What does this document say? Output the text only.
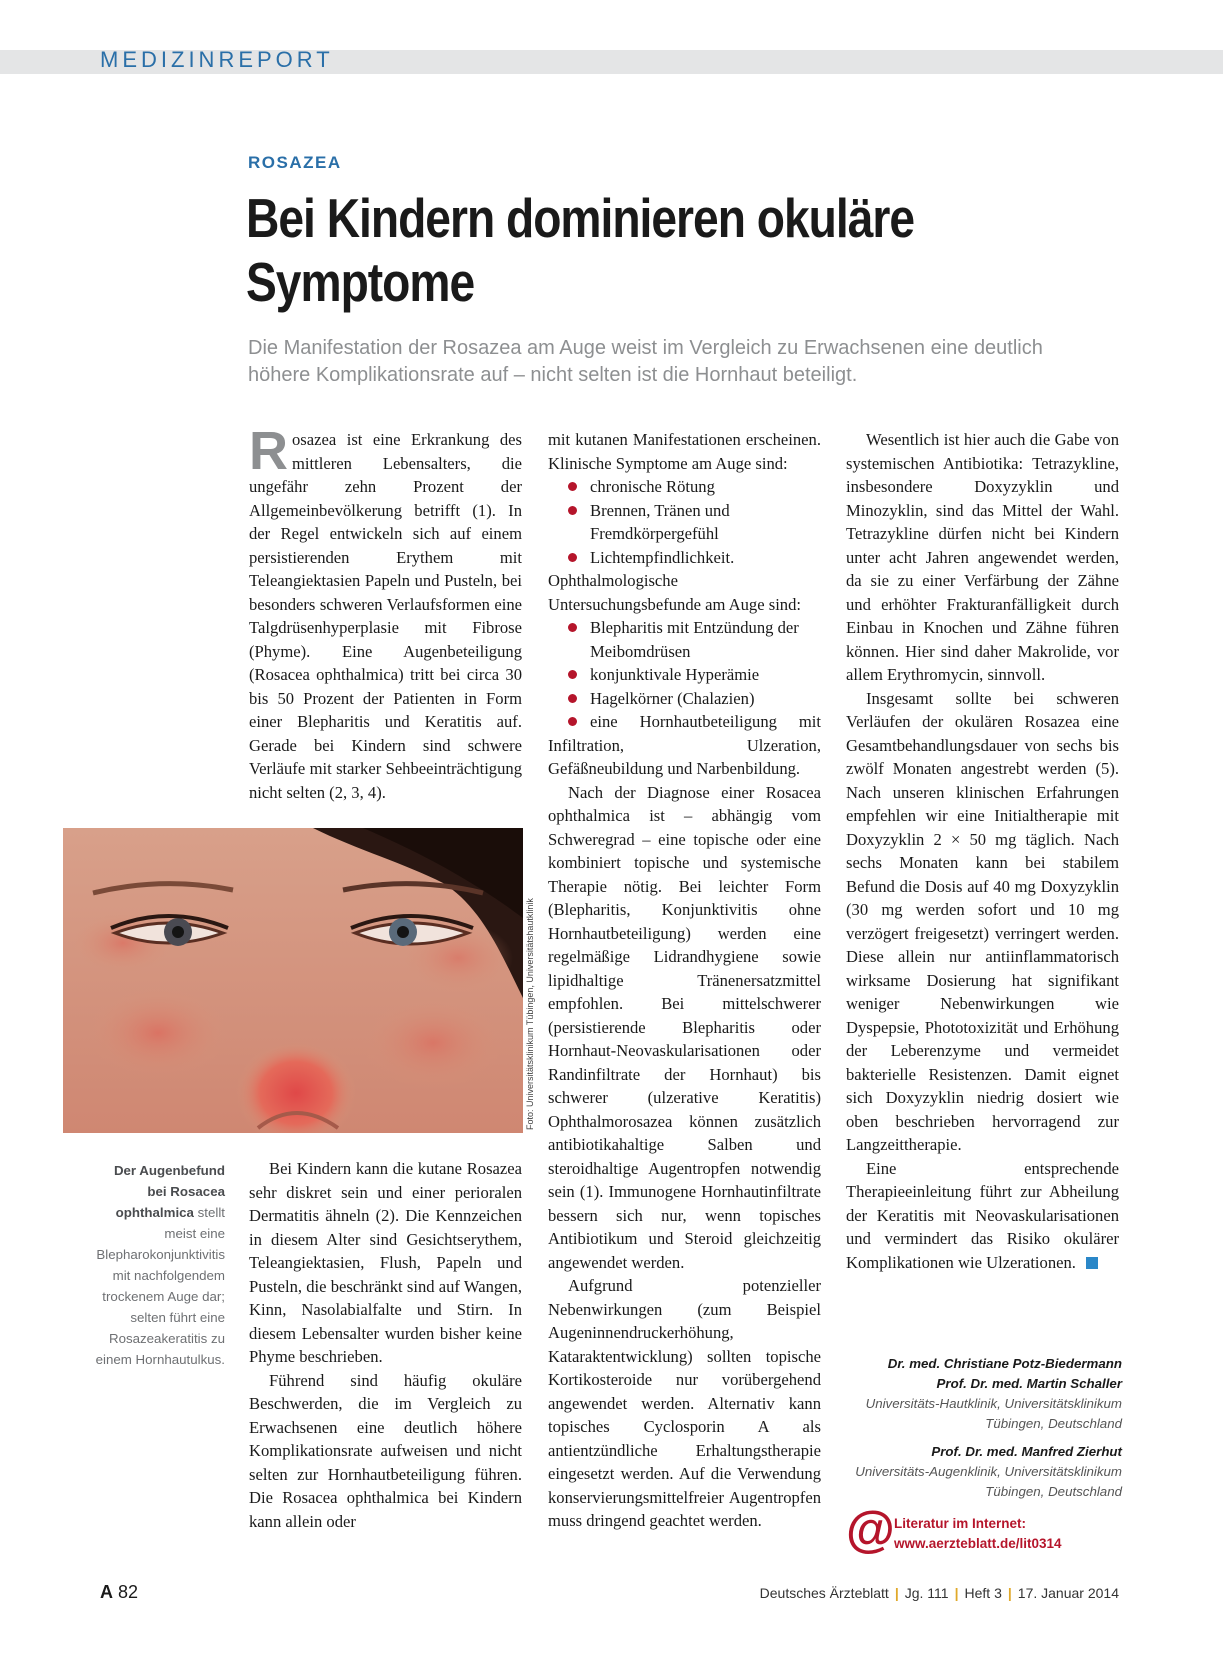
MEDIZINREPORT
ROSAZEA
Bei Kindern dominieren okuläre Symptome

Die Manifestation der Rosazea am Auge weist im Vergleich zu Erwachsenen eine deutlich höhere Komplikationsrate auf – nicht selten ist die Hornhaut beteiligt.

Rosazea ist eine Erkrankung des mittleren Lebensalters, die ungefähr zehn Prozent der Allgemeinbevölkerung betrifft (1). In der Regel entwickeln sich auf einem persistierenden Erythem mit Teleangiektasien Papeln und Pusteln, bei besonders schweren Verlaufsformen eine Talgdrüsenhyperplasie mit Fibrose (Phyme). Eine Augenbeteiligung (Rosacea ophthalmica) tritt bei circa 30 bis 50 Prozent der Patienten in Form einer Blepharitis und Keratitis auf. Gerade bei Kindern sind schwere Verläufe mit starker Sehbeeinträchtigung nicht selten (2, 3, 4).

Foto: Universitätsklinikum Tübingen, Universitätshautklinik

Der Augenbefund bei Rosacea ophthalmica stellt meist eine Blepharokonjunktivitis mit nachfolgendem trockenem Auge dar; selten führt eine Rosazeakeratitis zu einem Hornhautulkus.

Bei Kindern kann die kutane Rosazea sehr diskret sein und einer perioralen Dermatitis ähneln (2). Die Kennzeichen in diesem Alter sind Gesichtserythem, Teleangiektasien, Flush, Papeln und Pusteln, die beschränkt sind auf Wangen, Kinn, Nasolabialfalte und Stirn. In diesem Lebensalter wurden bisher keine Phyme beschrieben.

Führend sind häufig okuläre Beschwerden, die im Vergleich zu Erwachsenen eine deutlich höhere Komplikationsrate aufweisen und nicht selten zur Hornhautbeteiligung führen. Die Rosacea ophthalmica bei Kindern kann allein oder

mit kutanen Manifestationen erscheinen. Klinische Symptome am Auge sind:

chronische Rötung
Brennen, Tränen und Fremdkörpergefühl
Lichtempfindlichkeit.

Ophthalmologische Untersuchungsbefunde am Auge sind:

Blepharitis mit Entzündung der Meibomdrüsen
konjunktivale Hyperämie
Hagelkörner (Chalazien)

eine Hornhautbeteiligung mit Infiltration, Ulzeration, Gefäßneubildung und Narbenbildung.

Nach der Diagnose einer Rosacea ophthalmica ist – abhängig vom Schweregrad – eine topische oder eine kombiniert topische und systemische Therapie nötig. Bei leichter Form (Blepharitis, Konjunktivitis ohne Hornhautbeteiligung) werden eine regelmäßige Lidrandhygiene sowie lipidhaltige Tränenersatzmittel empfohlen. Bei mittelschwerer (persistierende Blepharitis oder Hornhaut-Neovaskularisationen oder Randinfiltrate der Hornhaut) bis schwerer (ulzerative Keratitis) Ophthalmorosazea können zusätzlich antibiotikahaltige Salben und steroidhaltige Augentropfen notwendig sein (1). Immunogene Hornhautinfiltrate bessern sich nur, wenn topisches Antibiotikum und Steroid gleichzeitig angewendet werden.

Aufgrund potenzieller Nebenwirkungen (zum Beispiel Augeninnendruckerhöhung, Kataraktentwicklung) sollten topische Kortikosteroide nur vorübergehend angewendet werden. Alternativ kann topisches Cyclosporin A als antientzündliche Erhaltungstherapie eingesetzt werden. Auf die Verwendung konservierungsmittelfreier Augentropfen muss dringend geachtet werden.

Wesentlich ist hier auch die Gabe von systemischen Antibiotika: Tetrazykline, insbesondere Doxyzyklin und Minozyklin, sind das Mittel der Wahl. Tetrazykline dürfen nicht bei Kindern unter acht Jahren angewendet werden, da sie zu einer Verfärbung der Zähne und erhöhter Frakturanfälligkeit durch Einbau in Knochen und Zähne führen können. Hier sind daher Makrolide, vor allem Erythromycin, sinnvoll.

Insgesamt sollte bei schweren Verläufen der okulären Rosazea eine Gesamtbehandlungsdauer von sechs bis zwölf Monaten angestrebt werden (5). Nach unseren klinischen Erfahrungen empfehlen wir eine Initialtherapie mit Doxyzyklin 2 × 50 mg täglich. Nach sechs Monaten kann bei stabilem Befund die Dosis auf 40 mg Doxyzyklin (30 mg werden sofort und 10 mg verzögert freigesetzt) verringert werden. Diese allein nur antiinflammatorisch wirksame Dosierung hat signifikant weniger Nebenwirkungen wie Dyspepsie, Phototoxizität und Erhöhung der Leberenzyme und vermeidet bakterielle Resistenzen. Damit eignet sich Doxyzyklin niedrig dosiert wie oben beschrieben hervorragend zur Langzeittherapie.

Eine entsprechende Therapieeinleitung führt zur Abheilung der Keratitis mit Neovaskularisationen und vermindert das Risiko okulärer Komplikationen wie Ulzerationen.

Dr. med. Christiane Potz-Biedermann
Prof. Dr. med. Martin Schaller
Universitäts-Hautklinik, Universitätsklinikum
Tübingen, Deutschland
Prof. Dr. med. Manfred Zierhut
Universitäts-Augenklinik, Universitätsklinikum
Tübingen, Deutschland
@ Literatur im Internet:
www.aerzteblatt.de/lit0314
A 82	Deutsches Ärzteblatt | Jg. 111 | Heft 3 | 17. Januar 2014
